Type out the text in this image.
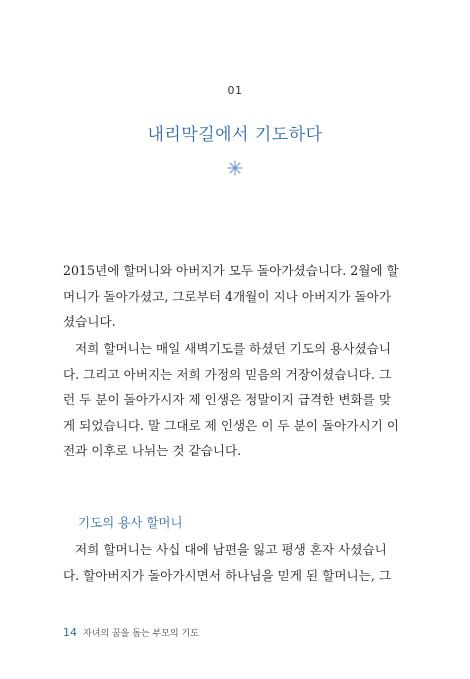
01
내리막길에서 기도하다
2015년에 할머니와 아버지가 모두 돌아가셨습니다. 2월에 할
머니가 돌아가셨고, 그로부터 4개월이 지나 아버지가 돌아가
셨습니다.
저희 할머니는 매일 새벽기도를 하셨던 기도의 용사셨습니
다. 그리고 아버지는 저희 가정의 믿음의 거장이셨습니다. 그
런 두 분이 돌아가시자 제 인생은 정말이지 급격한 변화를 맞
게 되었습니다. 말 그대로 제 인생은 이 두 분이 돌아가시기 이
전과 이후로 나뉘는 것 같습니다.
기도의 용사 할머니
저희 할머니는 사십 대에 남편을 잃고 평생 혼자 사셨습니
다. 할아버지가 돌아가시면서 하나님을 믿게 된 할머니는, 그
14 자녀의 꿈을 돕는 부모의 기도
